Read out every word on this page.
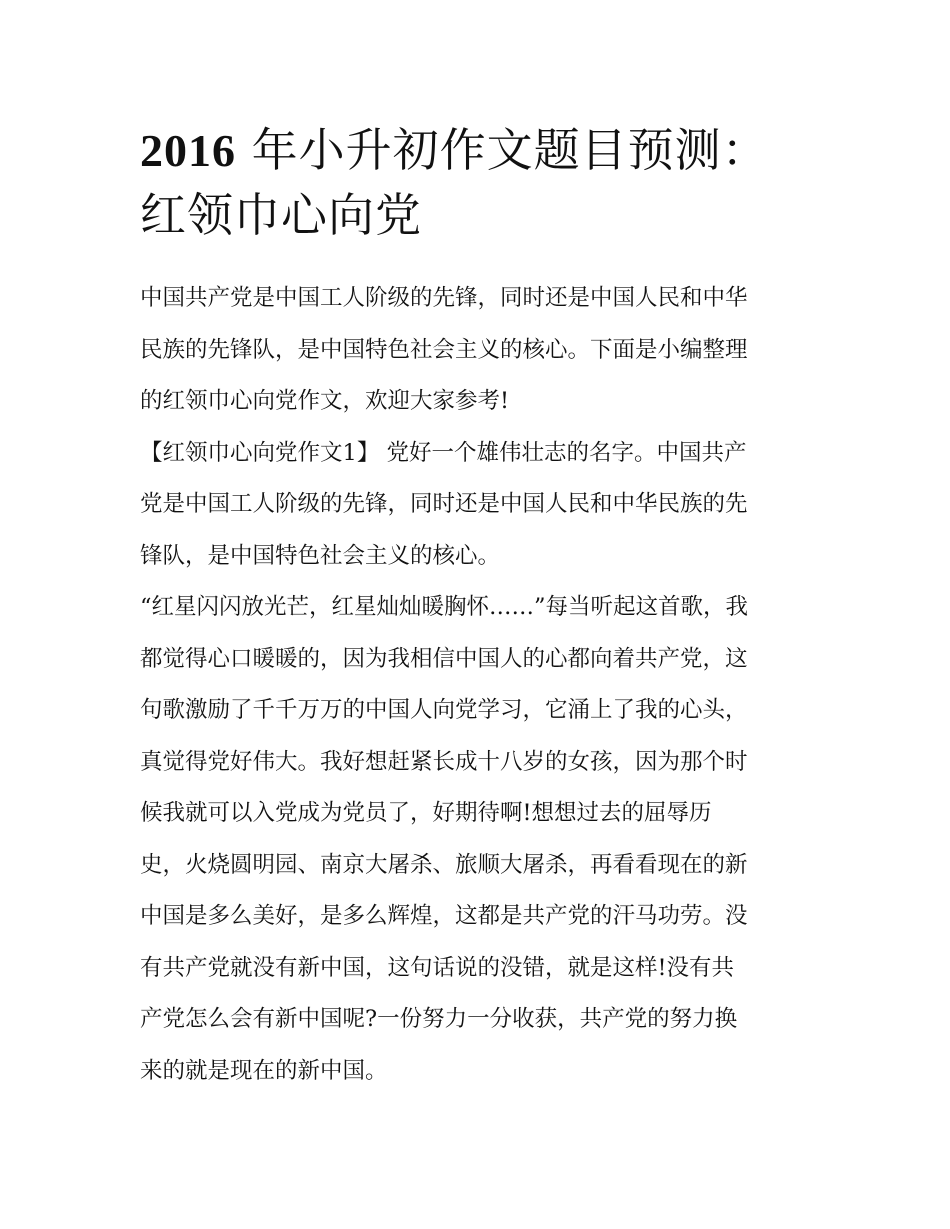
2016 年小升初作文题目预测：
红领巾心向党
中国共产党是中国工人阶级的先锋，同时还是中国人民和中华
民族的先锋队，是中国特色社会主义的核心。下面是小编整理
的红领巾心向党作文，欢迎大家参考!
【红领巾心向党作文1】 党好一个雄伟壮志的名字。中国共产
党是中国工人阶级的先锋，同时还是中国人民和中华民族的先
锋队，是中国特色社会主义的核心。
“红星闪闪放光芒，红星灿灿暖胸怀……”每当听起这首歌，我
都觉得心口暖暖的，因为我相信中国人的心都向着共产党，这
句歌激励了千千万万的中国人向党学习，它涌上了我的心头，
真觉得党好伟大。我好想赶紧长成十八岁的女孩，因为那个时
候我就可以入党成为党员了，好期待啊!想想过去的屈辱历
史，火烧圆明园、南京大屠杀、旅顺大屠杀，再看看现在的新
中国是多么美好，是多么辉煌，这都是共产党的汗马功劳。没
有共产党就没有新中国，这句话说的没错，就是这样!没有共
产党怎么会有新中国呢?一份努力一分收获，共产党的努力换
来的就是现在的新中国。
